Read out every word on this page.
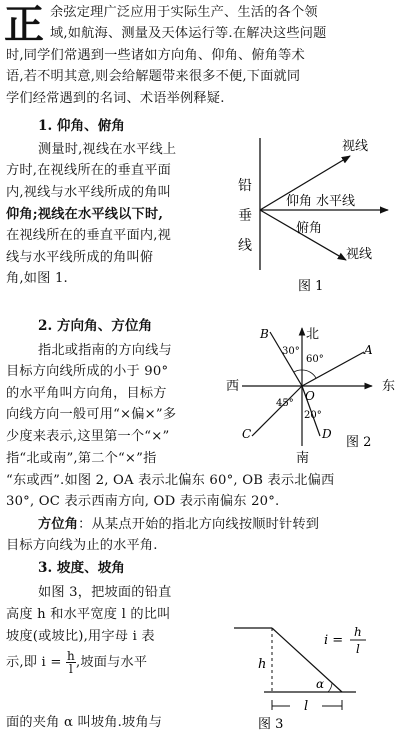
正 余弦定理广泛应用于实际生产、生活的各个领
域,如航海、测量及天体运行等.在解决这些问题
时,同学们常遇到一些诸如方向角、仰角、俯角等术
语,若不明其意,则会给解题带来很多不便,下面就同
学们经常遇到的名词、术语举例释疑.
1. 仰角、俯角
测量时,视线在水平线上
方时,在视线所在的垂直平面
内,视线与水平线所成的角叫
仰角;视线在水平线以下时,
在视线所在的垂直平面内,视
线与水平线所成的角叫俯
角,如图 1.
铅
垂
线
视线
仰角 水平线
俯角
视线
图 1
2. 方向角、方位角
指北或指南的方向线与
目标方向线所成的小于 90°
的水平角叫方向角，目标方
向线方向一般可用“×偏×”多
少度来表示,这里第一个“×”
指“北或南”,第二个“×”指
“东或西”.如图 2, OA 表示北偏东 60°, OB 表示北偏西
30°, OC 表示西南方向, OD 表示南偏东 20°.
北
南
西	东
A
B
C	D
O
30°
60°
45°
20°
图 2
方位角：从某点开始的指北方向线按顺时针转到
目标方向线为止的水平角.
3. 坡度、坡角
如图 3，把坡面的铅直
高度 h 和水平宽度 l 的比叫
坡度(或坡比),用字母 i 表
示,即 $i = \frac{h}{l}$ ,坡面与水平
面的夹角 α 叫坡角.坡角与
h
l
α
i =
h
l
图 3
